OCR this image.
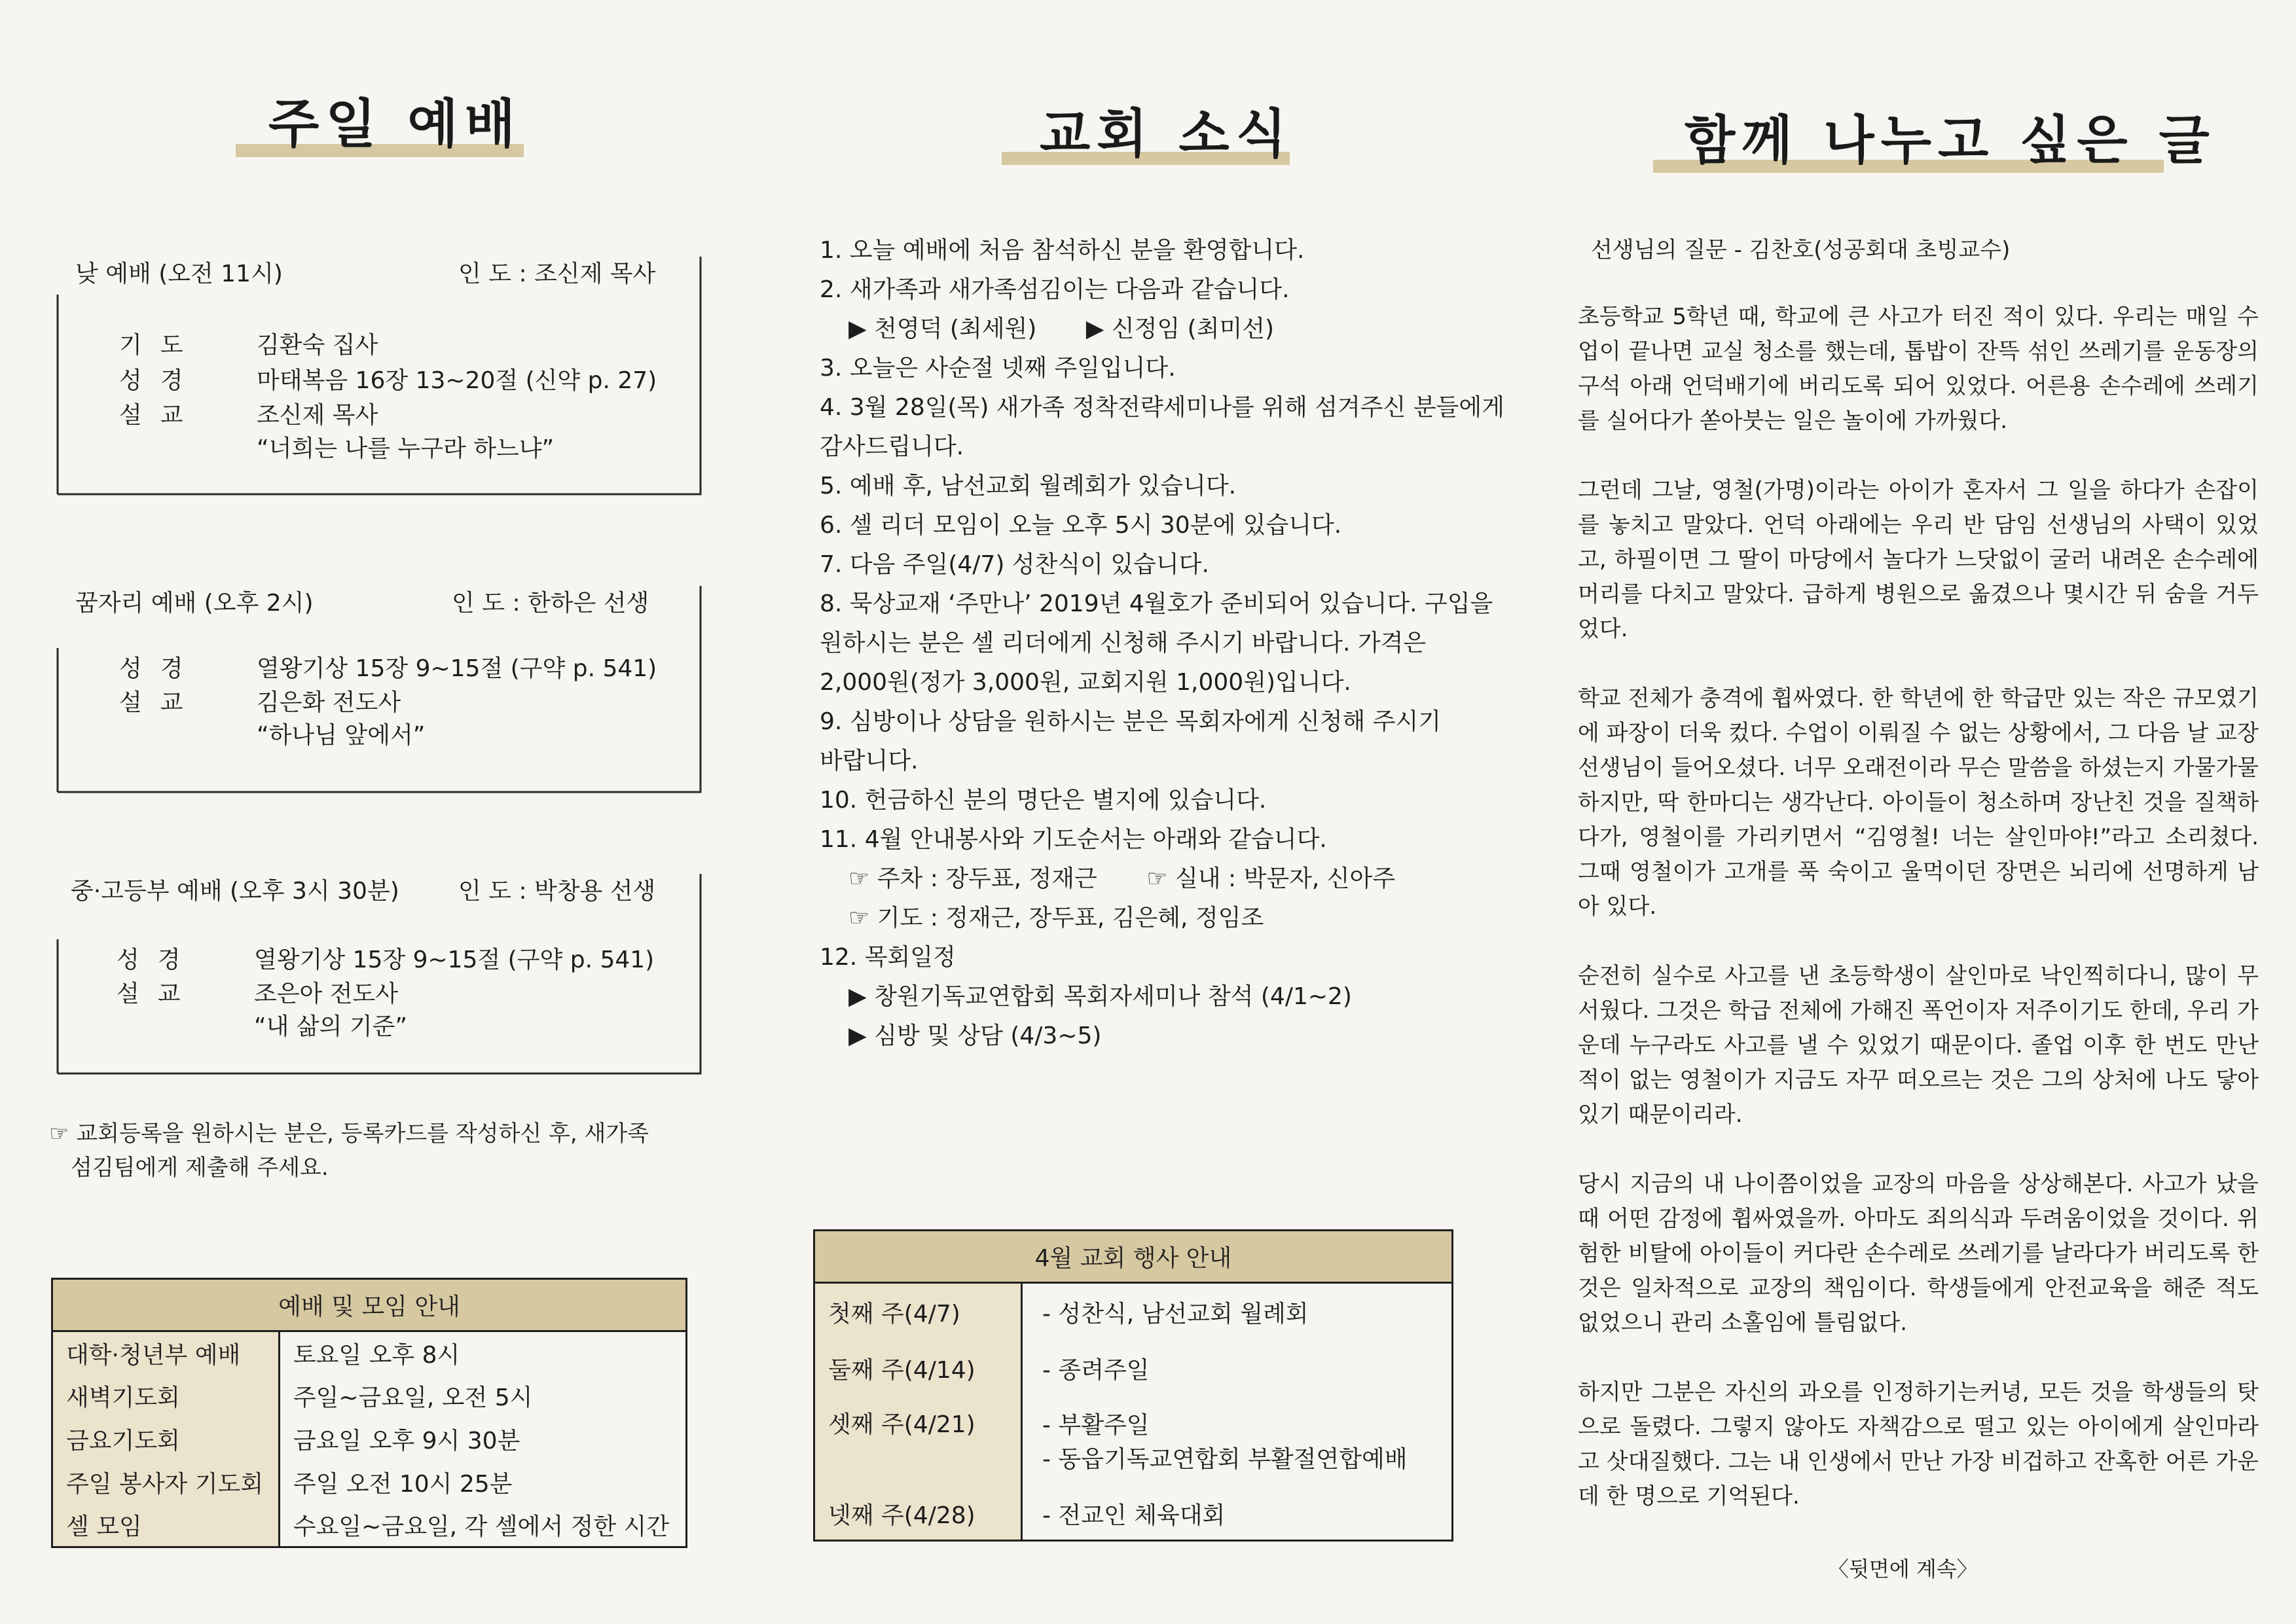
주일 예배
낮 예배 (오전 11시)	인 도 : 조신제 목사
기도 김환숙 집사
성경 마태복음 16장 13~20절 (신약 p. 27)
설교 조신제 목사
“너희는 나를 누구라 하느냐”
꿈자리 예배 (오후 2시)	인 도 : 한하은 선생
성경 열왕기상 15장 9~15절 (구약 p. 541)
설교 김은화 전도사
“하나님 앞에서”
중·고등부 예배 (오후 3시 30분)	인 도 : 박창용 선생
성경 열왕기상 15장 9~15절 (구약 p. 541)
설교 조은아 전도사
“내 삶의 기준”
☞ 교회등록을 원하시는 분은, 등록카드를 작성하신 후, 새가족
섬김팀에게 제출해 주세요.
예배 및 모임 안내	
대학·청년부 예배	토요일 오후 8시
새벽기도회	주일~금요일, 오전 5시
금요기도회	금요일 오후 9시 30분
주일 봉사자 기도회	주일 오전 10시 25분
셀 모임	수요일~금요일, 각 셀에서 정한 시간
교회 소식
1. 오늘 예배에 처음 참석하신 분을 환영합니다.
2. 새가족과 새가족섬김이는 다음과 같습니다.
▶ 천영덕 (최세원) ▶ 신정임 (최미선)
3. 오늘은 사순절 넷째 주일입니다.
4. 3월 28일(목) 새가족 정착전략세미나를 위해 섬겨주신 분들에게
감사드립니다.
5. 예배 후, 남선교회 월례회가 있습니다.
6. 셀 리더 모임이 오늘 오후 5시 30분에 있습니다.
7. 다음 주일(4/7) 성찬식이 있습니다.
8. 묵상교재 ‘주만나’ 2019년 4월호가 준비되어 있습니다. 구입을
원하시는 분은 셀 리더에게 신청해 주시기 바랍니다. 가격은
2,000원(정가 3,000원, 교회지원 1,000원)입니다.
9. 심방이나 상담을 원하시는 분은 목회자에게 신청해 주시기
바랍니다.
10. 헌금하신 분의 명단은 별지에 있습니다.
11. 4월 안내봉사와 기도순서는 아래와 같습니다.
☞ 주차 : 장두표, 정재근 ☞ 실내 : 박문자, 신아주
☞ 기도 : 정재근, 장두표, 김은혜, 정임조
12. 목회일정
▶ 창원기독교연합회 목회자세미나 참석 (4/1~2)
▶ 심방 및 상담 (4/3~5)
4월 교회 행사 안내	
첫째 주(4/7)	- 성찬식, 남선교회 월례회
둘째 주(4/14)	- 종려주일
셋째 주(4/21)	- 부활주일
- 동읍기독교연합회 부활절연합예배

넷째 주(4/28)	- 전교인 체육대회
함께 나누고 싶은 글
선생님의 질문 - 김찬호(성공회대 초빙교수)

초등학교 5학년 때, 학교에 큰 사고가 터진 적이 있다. 우리는 매일 수업이 끝나면 교실 청소를 했는데, 톱밥이 잔뜩 섞인 쓰레기를 운동장의 구석 아래 언덕배기에 버리도록 되어 있었다. 어른용 손수레에 쓰레기를 실어다가 쏟아붓는 일은 놀이에 가까웠다.

그런데 그날, 영철(가명)이라는 아이가 혼자서 그 일을 하다가 손잡이를 놓치고 말았다. 언덕 아래에는 우리 반 담임 선생님의 사택이 있었고, 하필이면 그 딸이 마당에서 놀다가 느닷없이 굴러 내려온 손수레에 머리를 다치고 말았다. 급하게 병원으로 옮겼으나 몇시간 뒤 숨을 거두었다.

학교 전체가 충격에 휩싸였다. 한 학년에 한 학급만 있는 작은 규모였기에 파장이 더욱 컸다. 수업이 이뤄질 수 없는 상황에서, 그 다음 날 교장 선생님이 들어오셨다. 너무 오래전이라 무슨 말씀을 하셨는지 가물가물하지만, 딱 한마디는 생각난다. 아이들이 청소하며 장난친 것을 질책하다가, 영철이를 가리키면서 “김영철! 너는 살인마야!”라고 소리쳤다. 그때 영철이가 고개를 푹 숙이고 울먹이던 장면은 뇌리에 선명하게 남아 있다.

순전히 실수로 사고를 낸 초등학생이 살인마로 낙인찍히다니, 많이 무서웠다. 그것은 학급 전체에 가해진 폭언이자 저주이기도 한데, 우리 가운데 누구라도 사고를 낼 수 있었기 때문이다. 졸업 이후 한 번도 만난 적이 없는 영철이가 지금도 자꾸 떠오르는 것은 그의 상처에 나도 닿아 있기 때문이리라.

당시 지금의 내 나이쯤이었을 교장의 마음을 상상해본다. 사고가 났을 때 어떤 감정에 휩싸였을까. 아마도 죄의식과 두려움이었을 것이다. 위험한 비탈에 아이들이 커다란 손수레로 쓰레기를 날라다가 버리도록 한 것은 일차적으로 교장의 책임이다. 학생들에게 안전교육을 해준 적도 없었으니 관리 소홀임에 틀림없다.

하지만 그분은 자신의 과오를 인정하기는커녕, 모든 것을 학생들의 탓으로 돌렸다. 그렇지 않아도 자책감으로 떨고 있는 아이에게 살인마라고 삿대질했다. 그는 내 인생에서 만난 가장 비겁하고 잔혹한 어른 가운데 한 명으로 기억된다.

〈뒷면에 계속〉
